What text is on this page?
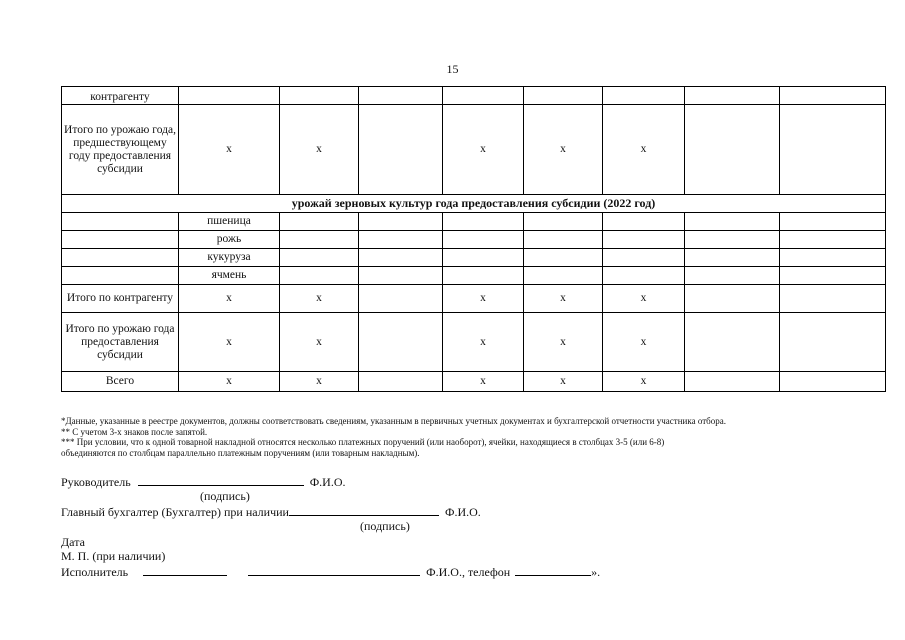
15
контрагенту								
Итого по урожаю года, предшествующему году предоставления субсидии	x	x		x	x	x		
урожай зерновых культур года предоставления субсидии (2022 год)								
	пшеница							
	рожь							
	кукуруза							
	ячмень							
Итого по контрагенту	x	x		x	x	x		
Итого по урожаю года предоставления субсидии	x	x		x	x	x		
Всего	x	x		x	x	x		

*Данные, указанные в реестре документов, должны соответствовать сведениям, указанным в первичных учетных документах и бухгалтерской отчетности участника отбора.

** С учетом 3-х знаков после запятой.

*** При условии, что к одной товарной накладной относятся несколько платежных поручений (или наоборот), ячейки, находящиеся в столбцах 3-5 (или 6-8)

объединяются по столбцам параллельно платежным поручениям (или товарным накладным).

Руководитель	Ф.И.О.
(подпись)
Главный бухгалтер (Бухгалтер) при наличии	Ф.И.О.
(подпись)
Дата
М. П. (при наличии)
Исполнитель	Ф.И.О., телефон	».
